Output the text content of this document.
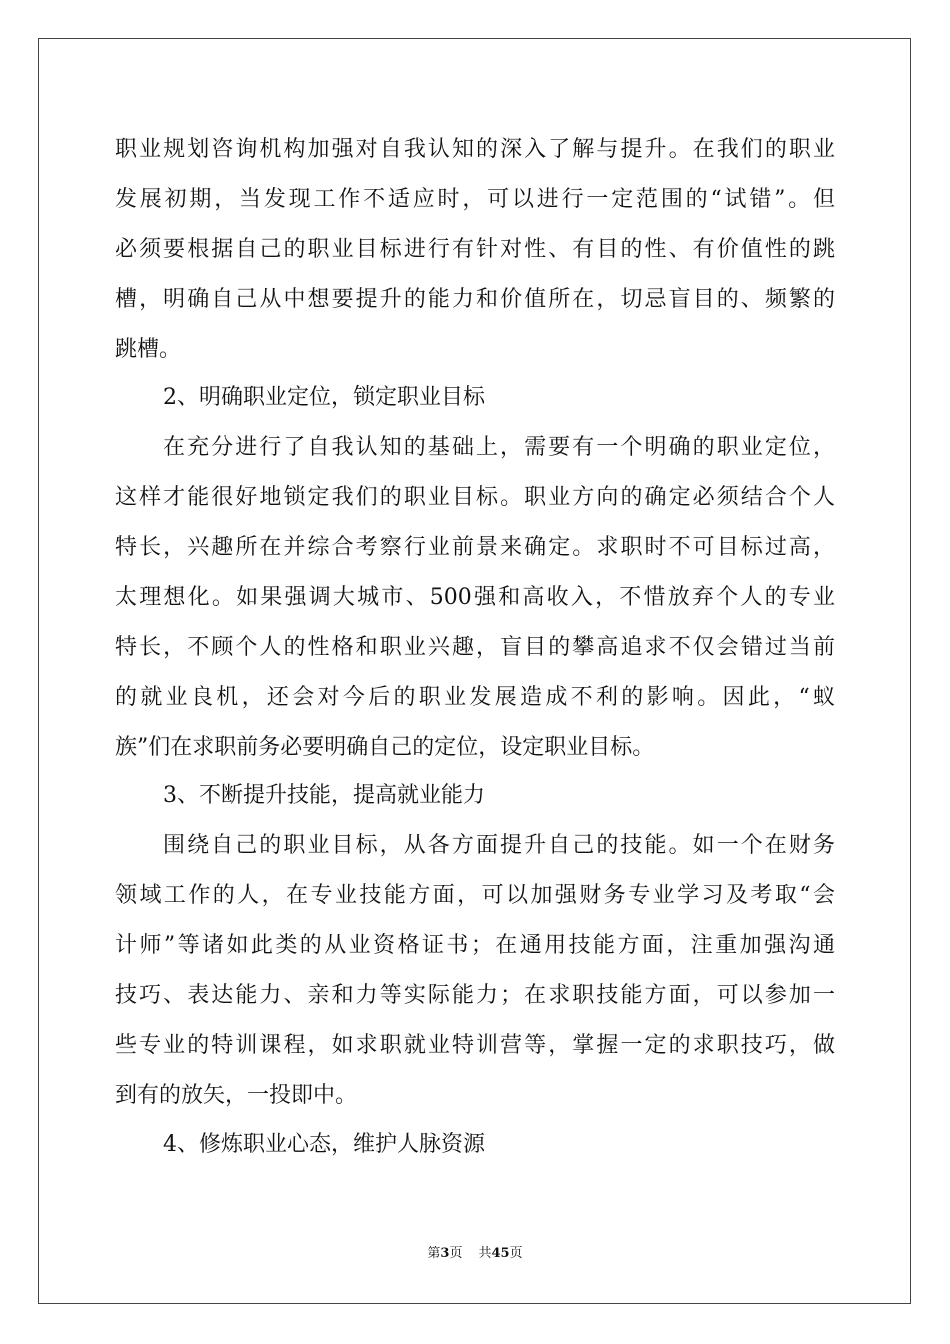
职业规划咨询机构加强对自我认知的深入了解与提升。在我们的职业
发展初期，当发现工作不适应时，可以进行一定范围的“试错”。但
必须要根据自己的职业目标进行有针对性、有目的性、有价值性的跳
槽，明确自己从中想要提升的能力和价值所在，切忌盲目的、频繁的
跳槽。
2、明确职业定位，锁定职业目标
在充分进行了自我认知的基础上，需要有一个明确的职业定位，
这样才能很好地锁定我们的职业目标。职业方向的确定必须结合个人
特长，兴趣所在并综合考察行业前景来确定。求职时不可目标过高，
太理想化。如果强调大城市、500强和高收入，不惜放弃个人的专业
特长，不顾个人的性格和职业兴趣，盲目的攀高追求不仅会错过当前
的就业良机，还会对今后的职业发展造成不利的影响。因此，“蚁
族”们在求职前务必要明确自己的定位，设定职业目标。
3、不断提升技能，提高就业能力
围绕自己的职业目标，从各方面提升自己的技能。如一个在财务
领域工作的人，在专业技能方面，可以加强财务专业学习及考取“会
计师”等诸如此类的从业资格证书；在通用技能方面，注重加强沟通
技巧、表达能力、亲和力等实际能力；在求职技能方面，可以参加一
些专业的特训课程，如求职就业特训营等，掌握一定的求职技巧，做
到有的放矢，一投即中。
4、修炼职业心态，维护人脉资源
第3页 共45页
